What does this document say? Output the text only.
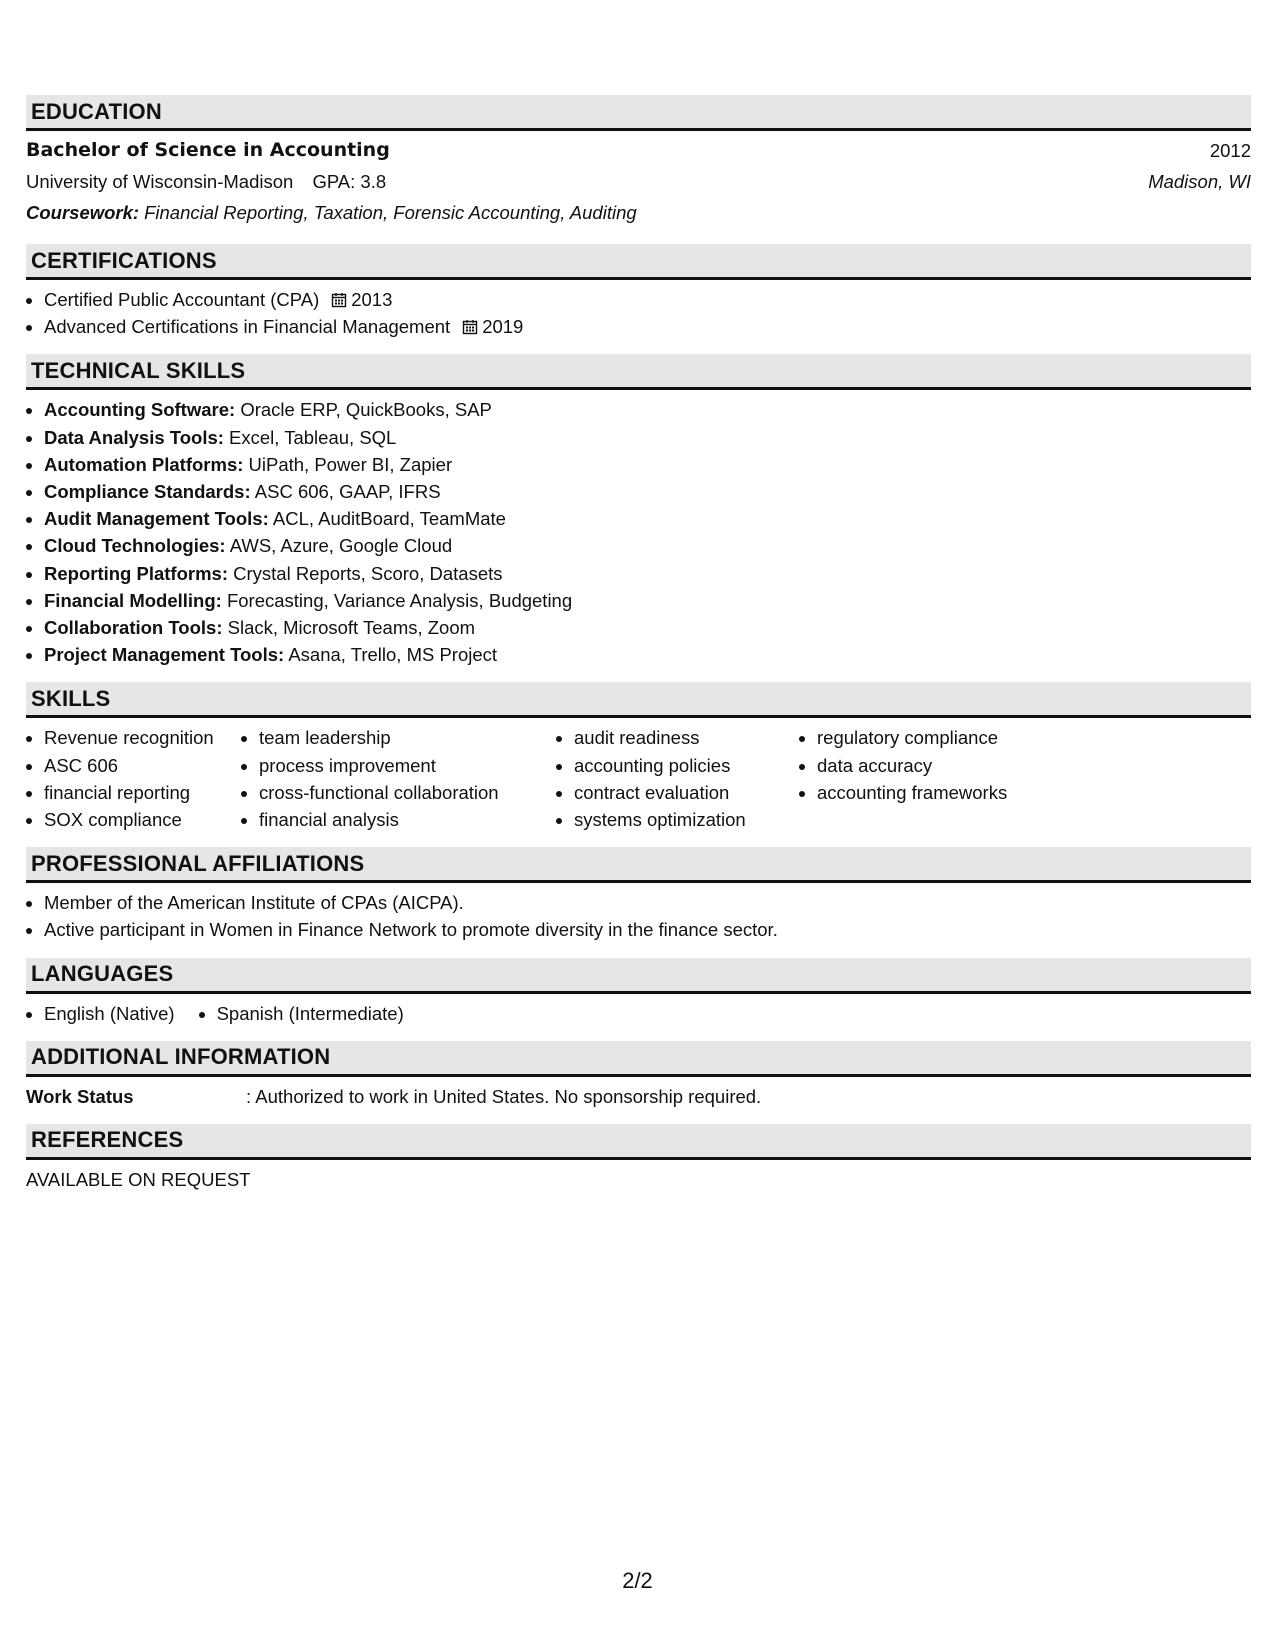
EDUCATION
Bachelor of Science in Accounting	2012
University of Wisconsin-Madison GPA: 3.8	Madison, WI
Coursework: Financial Reporting, Taxation, Forensic Accounting, Auditing
CERTIFICATIONS
• Certified Public Accountant (CPA) 2013
• Advanced Certifications in Financial Management 2019
TECHNICAL SKILLS
• Accounting Software: Oracle ERP, QuickBooks, SAP
• Data Analysis Tools: Excel, Tableau, SQL
• Automation Platforms: UiPath, Power BI, Zapier
• Compliance Standards: ASC 606, GAAP, IFRS
• Audit Management Tools: ACL, AuditBoard, TeamMate
• Cloud Technologies: AWS, Azure, Google Cloud
• Reporting Platforms: Crystal Reports, Scoro, Datasets
• Financial Modelling: Forecasting, Variance Analysis, Budgeting
• Collaboration Tools: Slack, Microsoft Teams, Zoom
• Project Management Tools: Asana, Trello, MS Project
SKILLS
• Revenue recognition
• ASC 606
• financial reporting
• SOX compliance
• team leadership
• process improvement
• cross-functional collaboration
• financial analysis
• audit readiness
• accounting policies
• contract evaluation
• systems optimization
• regulatory compliance
• data accuracy
• accounting frameworks
PROFESSIONAL AFFILIATIONS
• Member of the American Institute of CPAs (AICPA).
• Active participant in Women in Finance Network to promote diversity in the finance sector.
LANGUAGES
• English (Native)
• Spanish (Intermediate)
ADDITIONAL INFORMATION
Work Status	: Authorized to work in United States. No sponsorship required.
REFERENCES
AVAILABLE ON REQUEST
2/2
